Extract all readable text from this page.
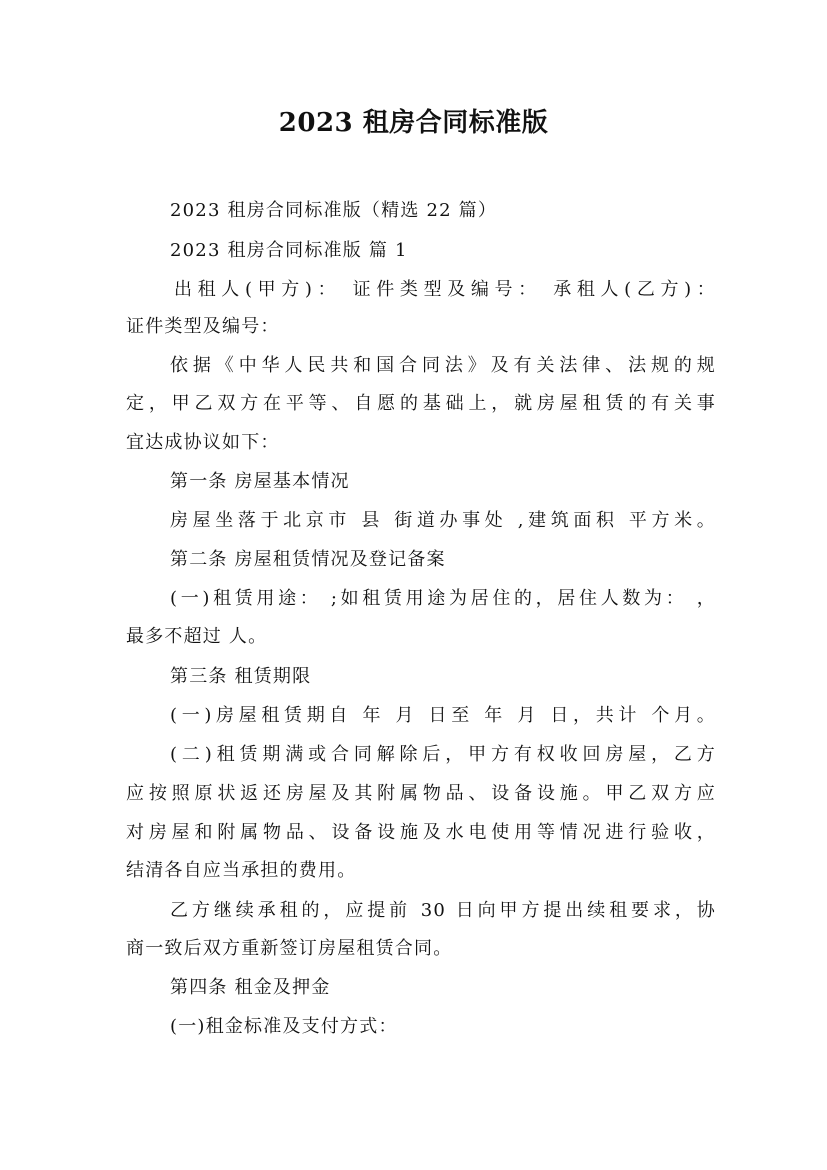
2023 租房合同标准版
2023 租房合同标准版（精选 22 篇）
2023 租房合同标准版 篇 1
出租人(甲方)： 证件类型及编号： 承租人(乙方)：
证件类型及编号：
依据《中华人民共和国合同法》及有关法律、法规的规
定，甲乙双方在平等、自愿的基础上，就房屋租赁的有关事
宜达成协议如下：
第一条 房屋基本情况
房屋坐落于北京市 县 街道办事处 ,建筑面积 平方米。
第二条 房屋租赁情况及登记备案
(一)租赁用途： ;如租赁用途为居住的，居住人数为： ，
最多不超过 人。
第三条 租赁期限
(一)房屋租赁期自 年 月 日至 年 月 日，共计 个月。
(二)租赁期满或合同解除后，甲方有权收回房屋，乙方
应按照原状返还房屋及其附属物品、设备设施。甲乙双方应
对房屋和附属物品、设备设施及水电使用等情况进行验收，
结清各自应当承担的费用。
乙方继续承租的，应提前 30 日向甲方提出续租要求，协
商一致后双方重新签订房屋租赁合同。
第四条 租金及押金
(一)租金标准及支付方式：
